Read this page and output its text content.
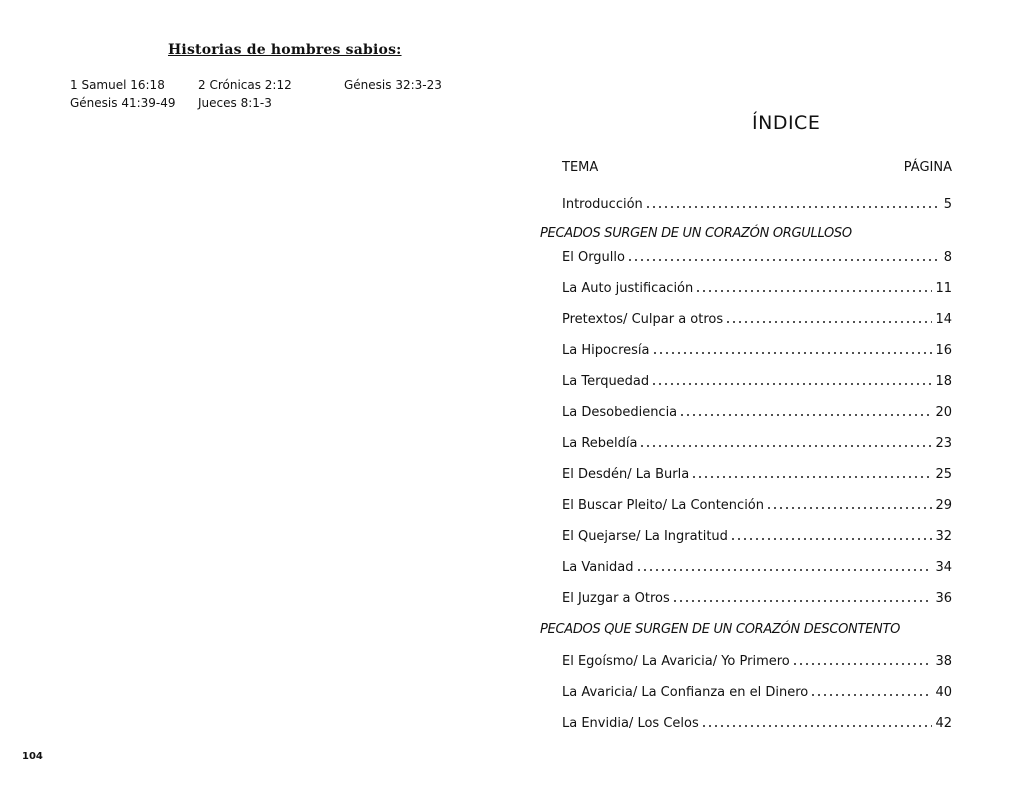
Historias de hombres sabios:
1 Samuel 16:18	2 Crónicas 2:12	Génesis 32:3-23
Génesis 41:39-49 Jueces 8:1-3
104
ÍNDICE
TEMA	PÁGINA
Introducción	5
PECADOS SURGEN DE UN CORAZÓN ORGULLOSO
El Orgullo	8
La Auto justificación	11
Pretextos/ Culpar a otros	14
La Hipocresía	16
La Terquedad	18
La Desobediencia	20
La Rebeldía	23
El Desdén/ La Burla	25
El Buscar Pleito/ La Contención	29
El Quejarse/ La Ingratitud	32
La Vanidad	34
El Juzgar a Otros	36
PECADOS QUE SURGEN DE UN CORAZÓN DESCONTENTO
El Egoísmo/ La Avaricia/ Yo Primero	38
La Avaricia/ La Confianza en el Dinero	40
La Envidia/ Los Celos	42
